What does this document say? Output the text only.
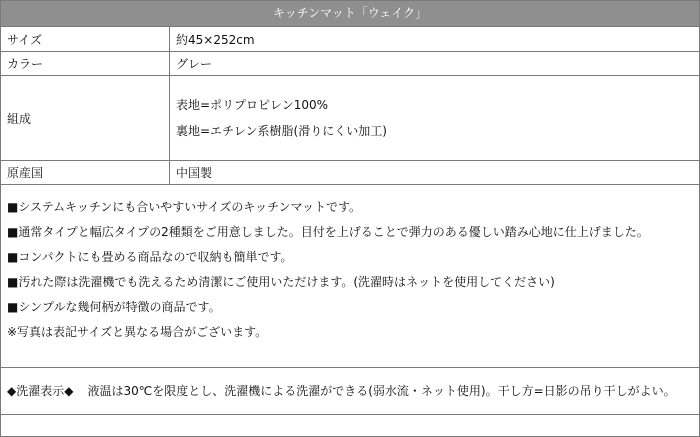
キッチンマット「ウェイク」
サイズ	約45×252cm
カラー	グレー
組成	表地=ポリプロピレン100%
裏地=エチレン系樹脂(滑りにくい加工)

原産国	中国製
■システムキッチンにも合いやすいサイズのキッチンマットです。
■通常タイプと幅広タイプの2種類をご用意しました。目付を上げることで弾力のある優しい踏み心地に仕上げました。
■コンパクトにも畳める商品なので収納も簡単です。
■汚れた際は洗濯機でも洗えるため清潔にご使用いただけます。(洗濯時はネットを使用してください)
■シンプルな幾何柄が特徴の商品です。
※写真は表記サイズと異なる場合がございます。
◆洗濯表示◆ 液温は30℃を限度とし、洗濯機による洗濯ができる(弱水流・ネット使用)。干し方=日影の吊り干しがよい。
